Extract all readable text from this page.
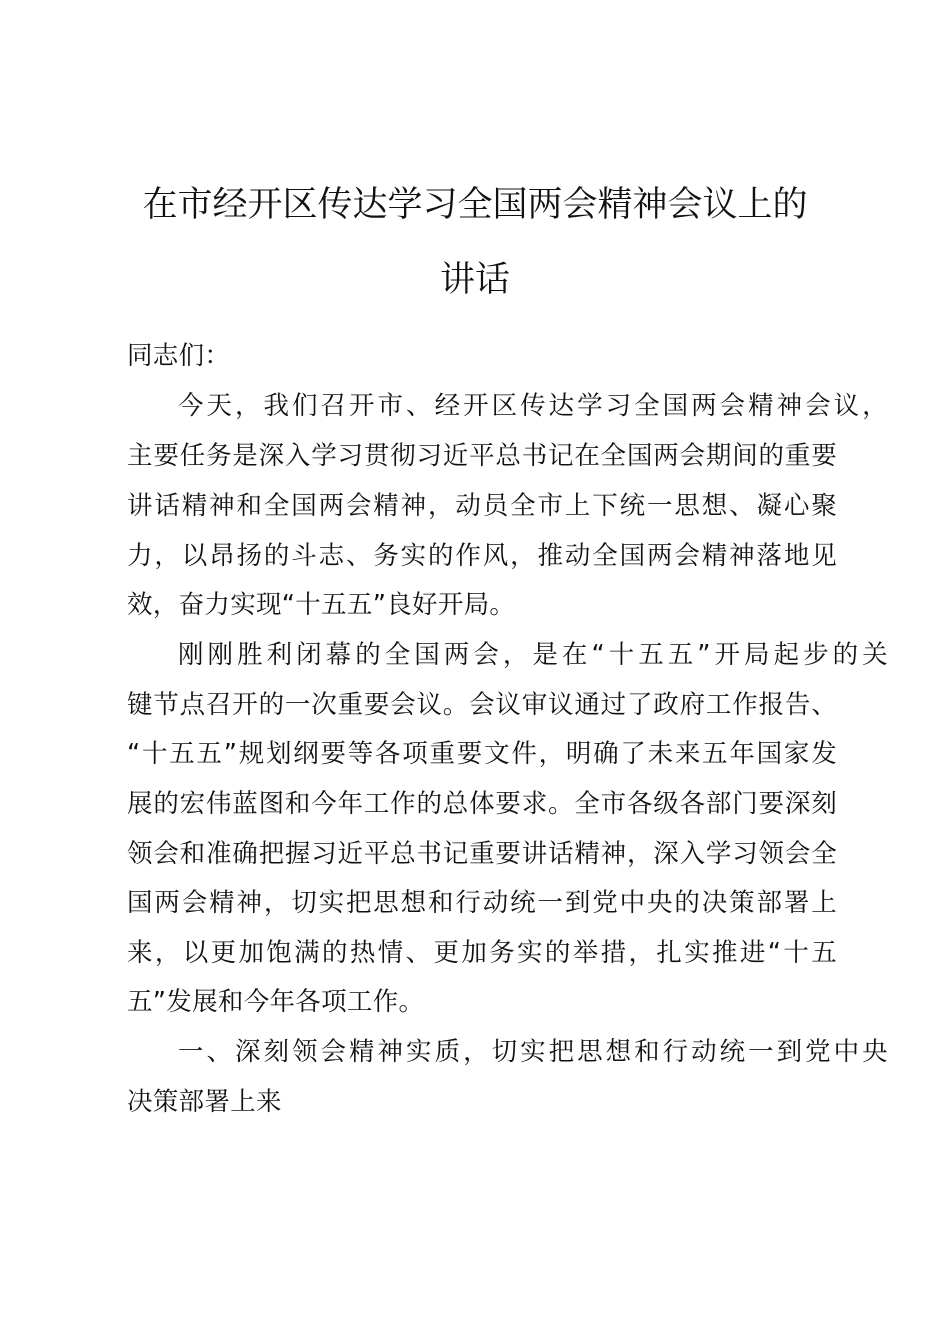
在市经开区传达学习全国两会精神会议上的
讲话
同志们：
今天，我们召开市、经开区传达学习全国两会精神会议，
主要任务是深入学习贯彻习近平总书记在全国两会期间的重要
讲话精神和全国两会精神，动员全市上下统一思想、凝心聚
力，以昂扬的斗志、务实的作风，推动全国两会精神落地见
效，奋力实现“十五五”良好开局。
刚刚胜利闭幕的全国两会，是在“十五五”开局起步的关
键节点召开的一次重要会议。会议审议通过了政府工作报告、
“十五五”规划纲要等各项重要文件，明确了未来五年国家发
展的宏伟蓝图和今年工作的总体要求。全市各级各部门要深刻
领会和准确把握习近平总书记重要讲话精神，深入学习领会全
国两会精神，切实把思想和行动统一到党中央的决策部署上
来，以更加饱满的热情、更加务实的举措，扎实推进“十五
五”发展和今年各项工作。
一、深刻领会精神实质，切实把思想和行动统一到党中央
决策部署上来
